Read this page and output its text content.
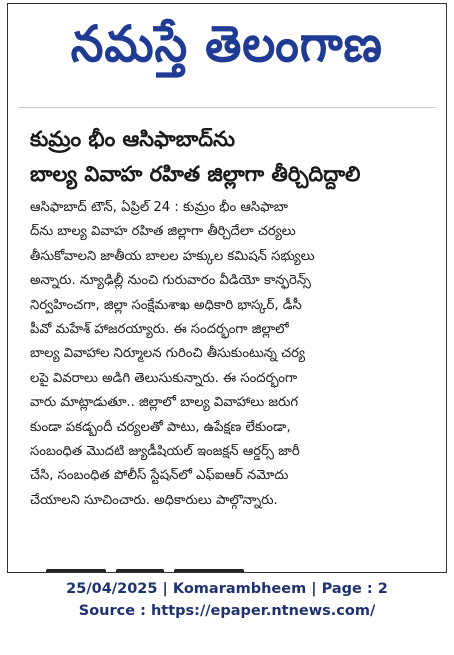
నమస్తే తెలంగాణ
కుమ్రం భీం ఆసిఫాబాద్‌ను
బాల్య వివాహ రహిత జిల్లాగా తీర్చిదిద్దాలి
ఆసిఫాబాద్ టౌన్, ఏప్రిల్ 24 : కుమ్రం భీం ఆసిఫాబా
ద్‌ను బాల్య వివాహ రహిత జిల్లాగా తీర్చిదేలా చర్యలు
తీసుకోవాలని జాతీయ బాలల హక్కుల కమిషన్ సభ్యులు
అన్నారు. న్యూఢిల్లీ నుంచి గురువారం వీడియో కాన్ఫరెన్స్
నిర్వహించగా, జిల్లా సంక్షేమశాఖ అధికారి భాస్కర్, డీసీ
పీవో మహేశ్ హాజరయ్యారు. ఈ సందర్భంగా జిల్లాలో
బాల్య వివాహాల నిర్మూలన గురించి తీసుకుంటున్న చర్య
లపై వివరాలు అడిగి తెలుసుకున్నారు. ఈ సందర్భంగా
వారు మాట్లాడుతూ.. జిల్లాలో బాల్య వివాహాలు జరుగ
కుండా పకడ్బందీ చర్యలతో పాటు, ఉపేక్షణ లేకుండా,
సంబంధిత మొదటి జ్యుడీషియల్ ఇంజక్షన్ ఆర్డర్స్ జారీ
చేసి, సంబంధిత పోలీస్ స్టేషన్‌లో ఎఫ్ఐఆర్ నమోదు
చేయాలని సూచించారు. అధికారులు పాల్గొన్నారు.
25/04/2025 | Komarambheem | Page : 2
Source : https://epaper.ntnews.com/
